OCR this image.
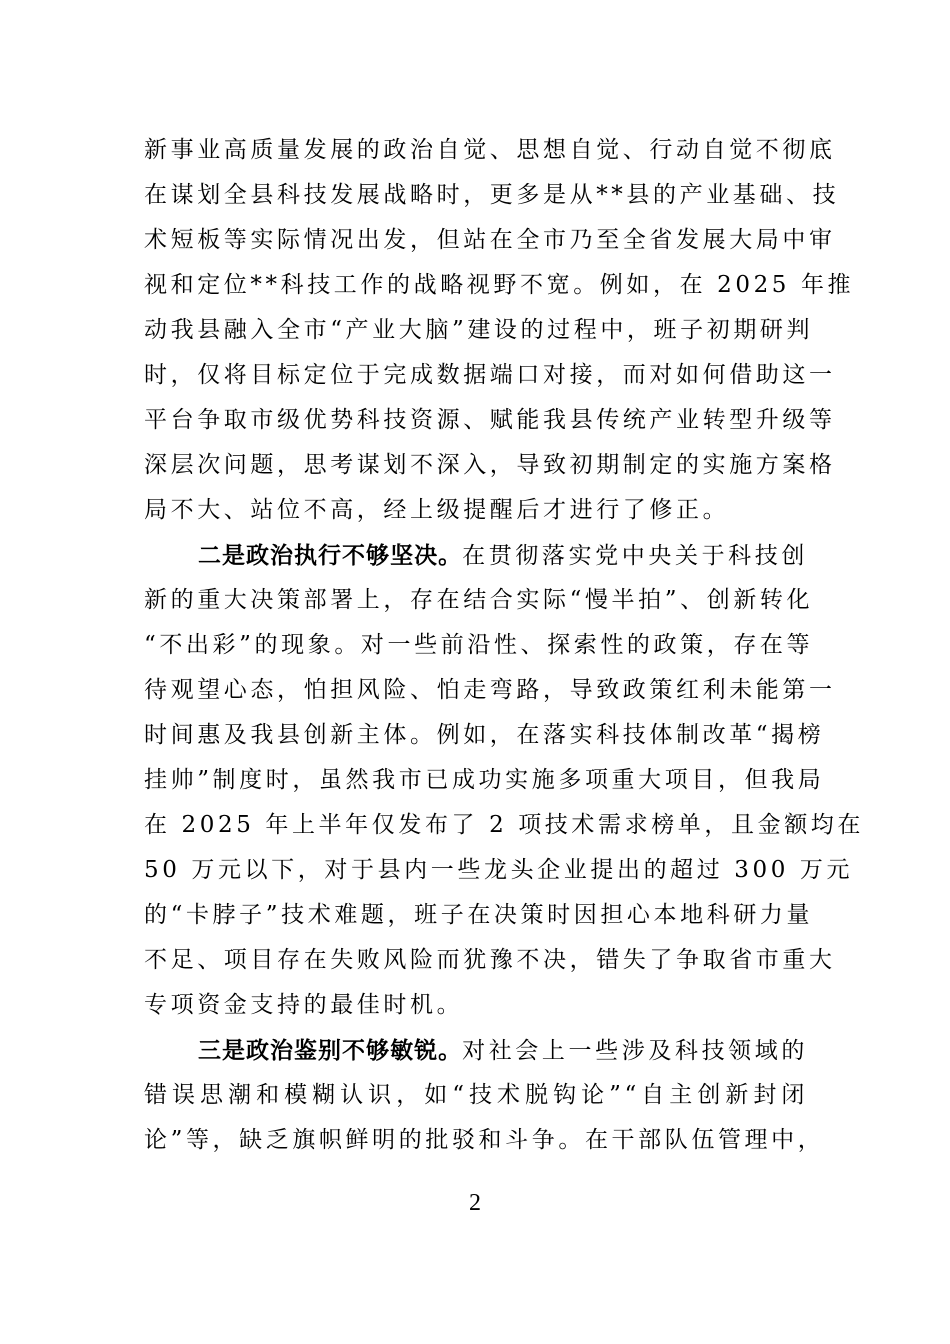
新事业高质量发展的政治自觉、思想自觉、行动自觉不彻底
在谋划全县科技发展战略时，更多是从**县的产业基础、技
术短板等实际情况出发，但站在全市乃至全省发展大局中审
视和定位**科技工作的战略视野不宽。例如，在 2025 年推
动我县融入全市“产业大脑”建设的过程中，班子初期研判
时，仅将目标定位于完成数据端口对接，而对如何借助这一
平台争取市级优势科技资源、赋能我县传统产业转型升级等
深层次问题，思考谋划不深入，导致初期制定的实施方案格
局不大、站位不高，经上级提醒后才进行了修正。
二是政治执行不够坚决。在贯彻落实党中央关于科技创
新的重大决策部署上，存在结合实际“慢半拍”、创新转化
“不出彩”的现象。对一些前沿性、探索性的政策，存在等
待观望心态，怕担风险、怕走弯路，导致政策红利未能第一
时间惠及我县创新主体。例如，在落实科技体制改革“揭榜
挂帅”制度时，虽然我市已成功实施多项重大项目，但我局
在 2025 年上半年仅发布了 2 项技术需求榜单，且金额均在
50 万元以下，对于县内一些龙头企业提出的超过 300 万元
的“卡脖子”技术难题，班子在决策时因担心本地科研力量
不足、项目存在失败风险而犹豫不决，错失了争取省市重大
专项资金支持的最佳时机。
三是政治鉴别不够敏锐。对社会上一些涉及科技领域的
错误思潮和模糊认识，如“技术脱钩论”“自主创新封闭
论”等，缺乏旗帜鲜明的批驳和斗争。在干部队伍管理中，
2
